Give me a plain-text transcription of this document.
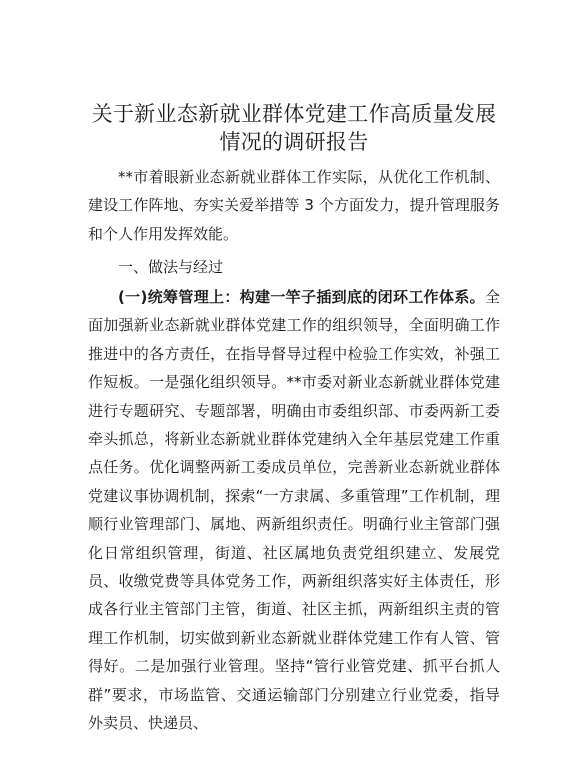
关于新业态新就业群体党建工作高质量发展情况的调研报告

**市着眼新业态新就业群体工作实际，从优化工作机制、建设工作阵地、夯实关爱举措等 3 个方面发力，提升管理服务和个人作用发挥效能。

一、做法与经过

(一)统筹管理上：构建一竿子插到底的闭环工作体系。全面加强新业态新就业群体党建工作的组织领导，全面明确工作推进中的各方责任，在指导督导过程中检验工作实效，补强工作短板。一是强化组织领导。**市委对新业态新就业群体党建进行专题研究、专题部署，明确由市委组织部、市委两新工委牵头抓总，将新业态新就业群体党建纳入全年基层党建工作重点任务。优化调整两新工委成员单位，完善新业态新就业群体党建议事协调机制，探索“一方隶属、多重管理”工作机制，理顺行业管理部门、属地、两新组织责任。明确行业主管部门强化日常组织管理，街道、社区属地负责党组织建立、发展党员、收缴党费等具体党务工作，两新组织落实好主体责任，形成各行业主管部门主管，街道、社区主抓，两新组织主责的管理工作机制，切实做到新业态新就业群体党建工作有人管、管得好。二是加强行业管理。坚持“管行业管党建、抓平台抓人群”要求，市场监管、交通运输部门分别建立行业党委，指导外卖员、快递员、
